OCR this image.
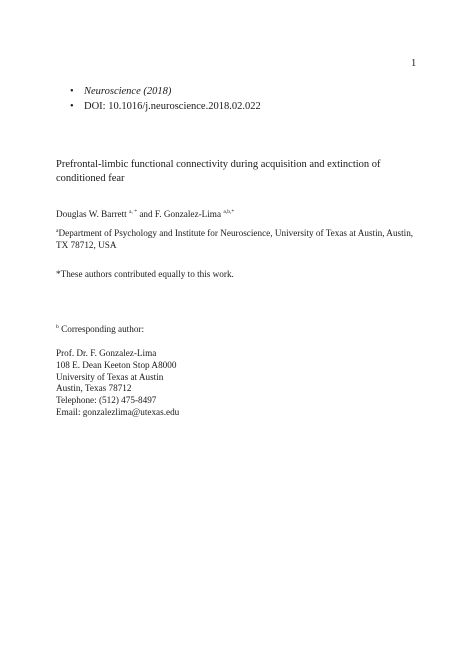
1
• Neuroscience (2018)
• DOI: 10.1016/j.neuroscience.2018.02.022
Prefrontal-limbic functional connectivity during acquisition and extinction of conditioned fear
Douglas W. Barrett $^{a, *}$ and F. Gonzalez-Lima $^{a,b,*}$
$^a$Department of Psychology and Institute for Neuroscience, University of Texas at Austin, Austin, TX 78712, USA
*These authors contributed equally to this work.
$^b$ Corresponding author:
Prof. Dr. F. Gonzalez-Lima
108 E. Dean Keeton Stop A8000
University of Texas at Austin
Austin, Texas 78712
Telephone: (512) 475-8497
Email: gonzalezlima@utexas.edu
